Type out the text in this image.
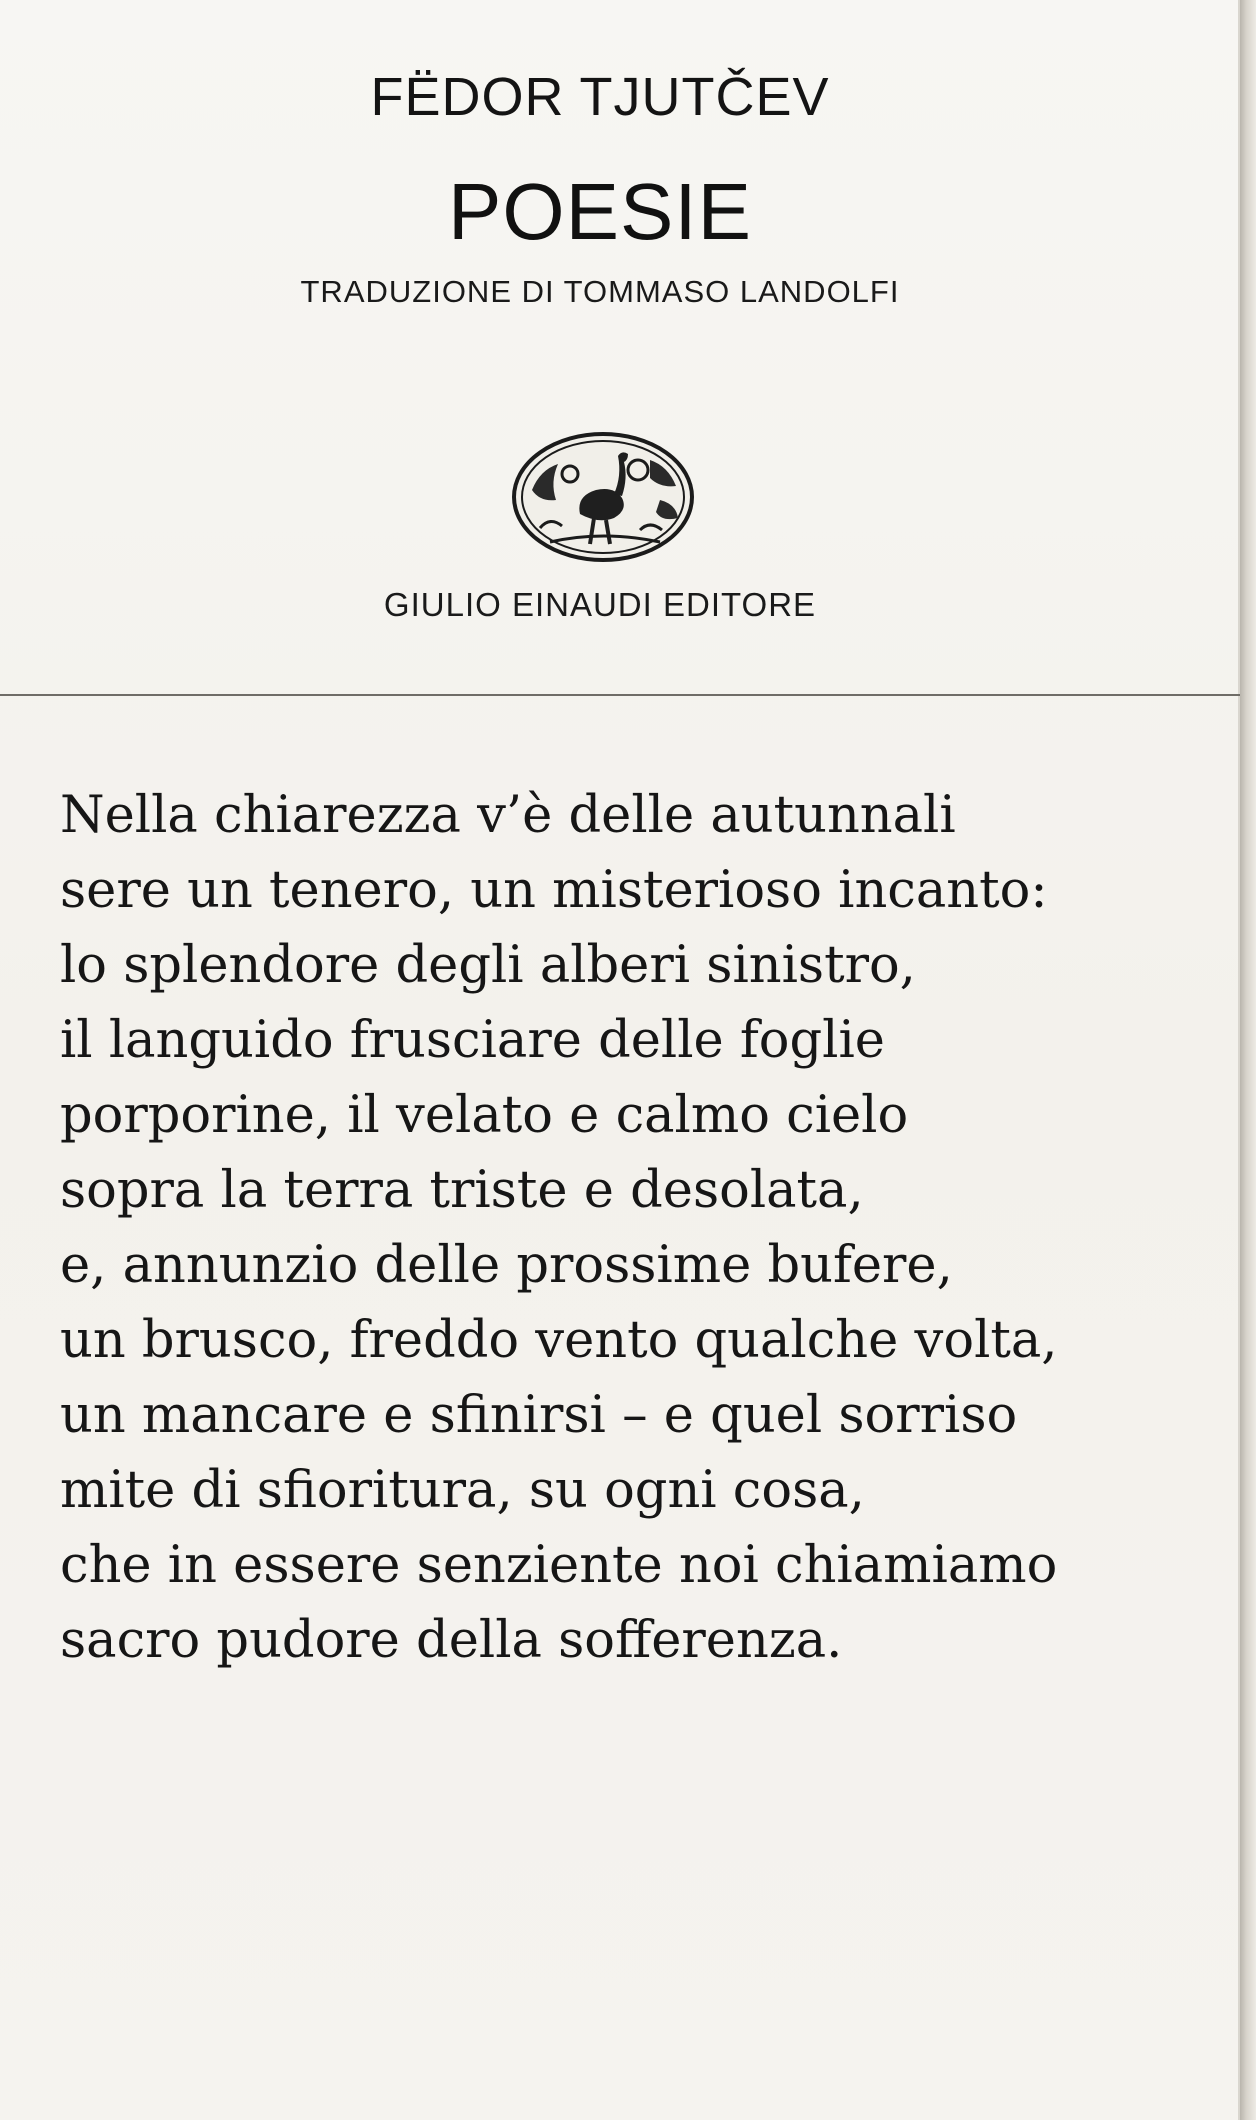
FËDOR TJUTČEV
POESIE
TRADUZIONE DI TOMMASO LANDOLFI
GIULIO EINAUDI EDITORE
Nella chiarezza v’è delle autunnali
sere un tenero, un misterioso incanto:
lo splendore degli alberi sinistro,
il languido frusciare delle foglie
porporine, il velato e calmo cielo
sopra la terra triste e desolata,
e, annunzio delle prossime bufere,
un brusco, freddo vento qualche volta,
un mancare e sfinirsi – e quel sorriso
mite di sfioritura, su ogni cosa,
che in essere senziente noi chiamiamo
sacro pudore della sofferenza.
